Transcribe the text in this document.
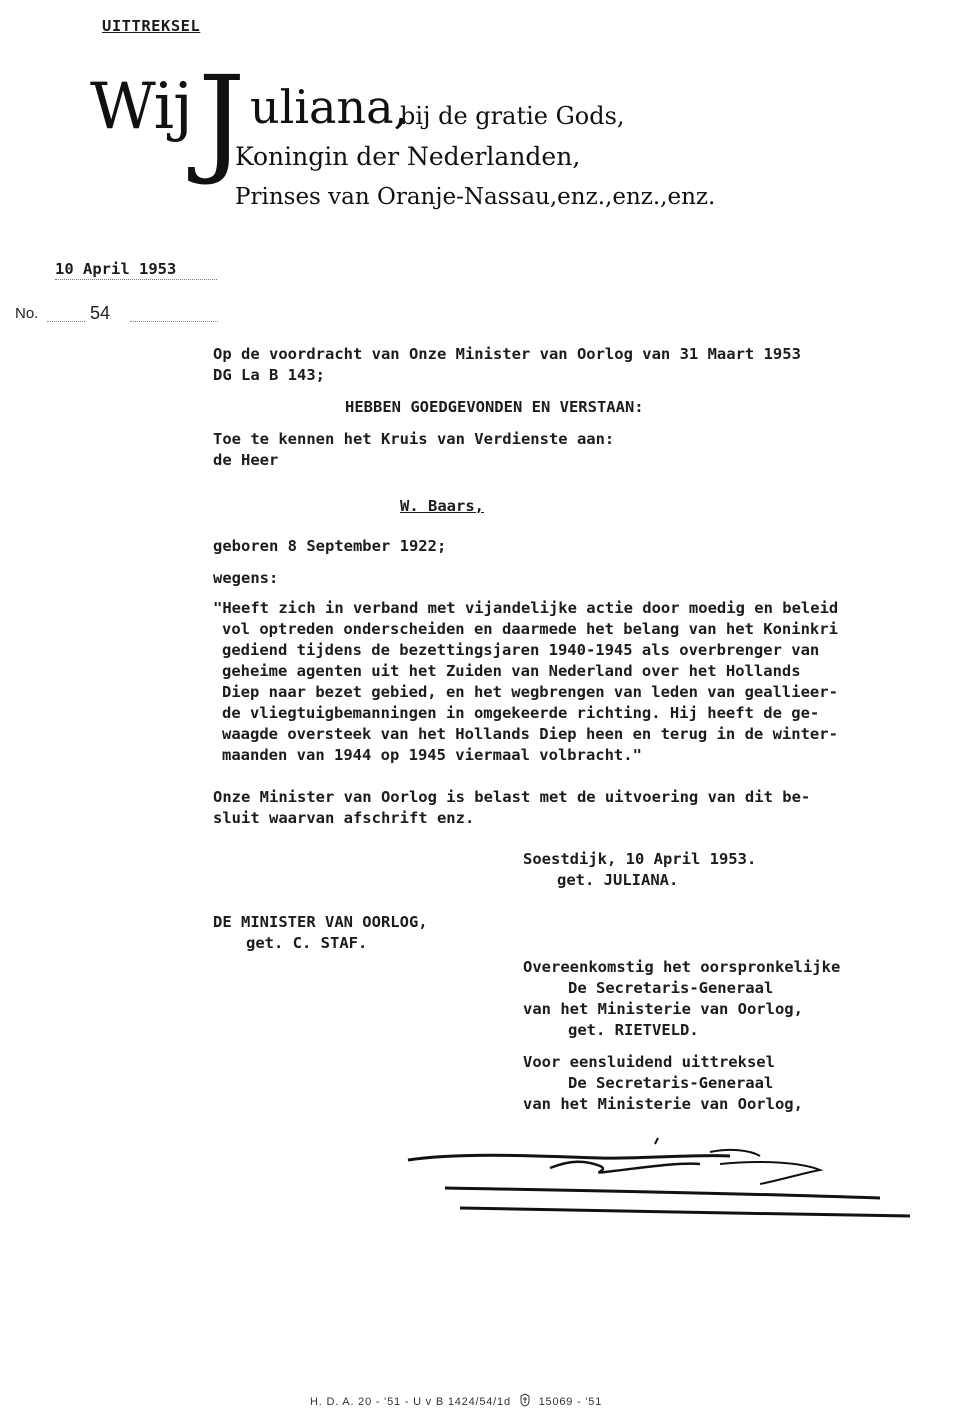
UITTREKSEL
Wij J uliana,
bij de gratie Gods,
Koningin der Nederlanden,
Prinses van Oranje-Nassau,enz.,enz.,enz.
10 April 1953
No.	54
Op de voordracht van Onze Minister van Oorlog van 31 Maart 1953
DG La B 143;
HEBBEN GOEDGEVONDEN EN VERSTAAN:
Toe te kennen het Kruis van Verdienste aan:
de Heer
W. Baars,
geboren 8 September 1922;
wegens:
"Heeft zich in verband met vijandelijke actie door moedig en beleid
vol optreden onderscheiden en daarmede het belang van het Koninkri
gediend tijdens de bezettingsjaren 1940-1945 als overbrenger van
geheime agenten uit het Zuiden van Nederland over het Hollands
Diep naar bezet gebied, en het wegbrengen van leden van geallieer-
de vliegtuigbemanningen in omgekeerde richting. Hij heeft de ge-
waagde oversteek van het Hollands Diep heen en terug in de winter-
maanden van 1944 op 1945 viermaal volbracht."
Onze Minister van Oorlog is belast met de uitvoering van dit be-
sluit waarvan afschrift enz.
Soestdijk, 10 April 1953.
get. JULIANA.
DE MINISTER VAN OORLOG,
get. C. STAF.
Overeenkomstig het oorspronkelijke
De Secretaris-Generaal
van het Ministerie van Oorlog,
get. RIETVELD.
Voor eensluidend uittreksel
De Secretaris-Generaal
van het Ministerie van Oorlog,
H. D. A. 20 - '51 - U v B 1424/54/1d	15069 - '51
